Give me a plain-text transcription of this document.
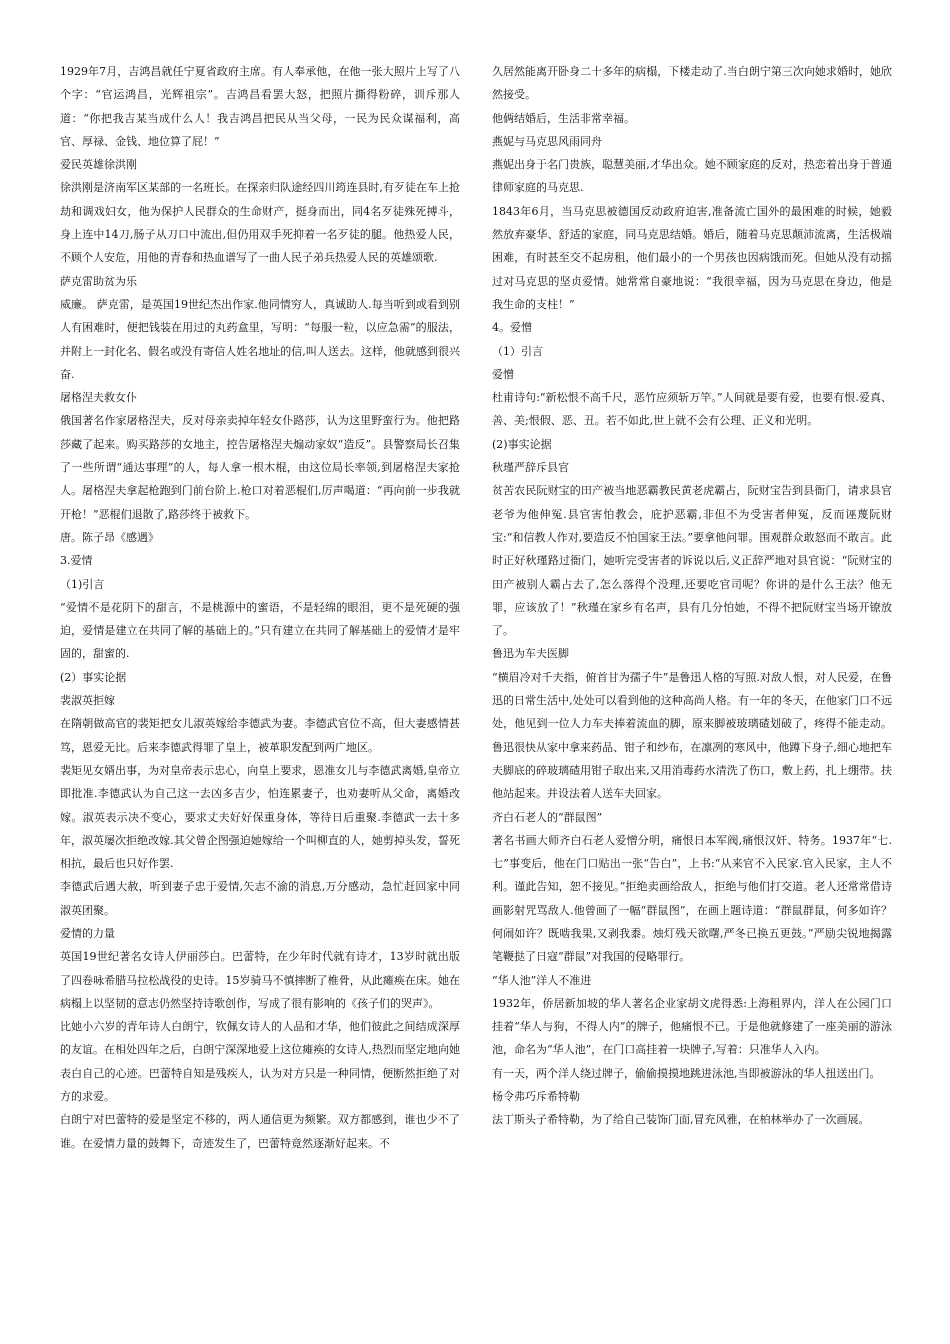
1929年7月，吉鸿昌就任宁夏省政府主席。有人奉承他，在他一张大照片上写了八个字：“官运鸿昌，光辉祖宗”。吉鸿昌看罢大怒，把照片撕得粉碎，训斥那人道：“你把我吉某当成什么人！我吉鸿昌把民从当父母，一民为民众谋福利，高官、厚禄、金钱、地位算了屁！”

爱民英雄徐洪刚

徐洪刚是济南军区某部的一名班长。在探亲归队途经四川筠连县时,有歹徒在车上抢劫和调戏妇女，他为保护人民群众的生命财产，挺身而出，同4名歹徒殊死搏斗，身上连中14刀,肠子从刀口中流出,但仍用双手死抑着一名歹徒的腿。他热爱人民，不顾个人安危，用他的青春和热血谱写了一曲人民子弟兵热爱人民的英雄颂歌.

萨克雷助贫为乐

威廉。 萨克雷，是英国19世纪杰出作家.他同情穷人，真诚助人.每当听到或看到别人有困难时，便把钱装在用过的丸药盒里，写明：“每服一粒，以应急需”的服法，并附上一封化名、假名或没有寄信人姓名地址的信,叫人送去。这样，他就感到很兴奋.

屠格涅夫救女仆

俄国著名作家屠格涅夫，反对母亲卖掉年轻女仆路莎，认为这里野蛮行为。他把路莎藏了起来。购买路莎的女地主，控告屠格涅夫煽动家奴“造反”。县警察局长召集了一些所谓“通达事理”的人，每人拿一根木棍，由这位局长率领,到屠格涅夫家抢人。屠格涅夫拿起枪跑到门前台阶上.枪口对着恶棍们,厉声喝道：“再向前一步我就开枪！”恶棍们退散了,路莎终于被救下。

唐。陈子昂《感遇》

3.爱情

（1)引言

“爱情不是花阴下的甜言，不是桃源中的蜜语，不是轻绵的眼泪，更不是死硬的强迫，爱情是建立在共同了解的基础上的。”只有建立在共同了解基础上的爱情才是牢固的，甜蜜的.

(2）事实论据

裴淑英拒嫁

在隋朝做高官的裴矩把女儿淑英嫁给李德武为妻。李德武官位不高，但大妻感情甚笃，恩爱无比。后来李德武得罪了皇上，被革职发配到两广地区。

裴矩见女婿出事，为对皇帝表示忠心，向皇上要求，恩准女儿与李德武离婚,皇帝立即批准.李德武认为自己这一去凶多吉少，怕连累妻子，也劝妻听从父命，离婚改嫁。淑英表示决不变心，要求丈夫好好保重身体，等待日后重聚.李德武一去十多年，淑英屡次拒绝改嫁.其父曾企图强迫她嫁给一个叫柳直的人，她剪掉头发，誓死相抗，最后也只好作罢.

李德武后遇大赦，听到妻子忠于爱情,矢志不渝的消息,万分感动，急忙赶回家中同淑英团聚。

爱情的力量

英国19世纪著名女诗人伊丽莎白。巴蕾特，在少年时代就有诗才，13岁时就出版了四卷咏希腊马拉松战役的史诗。15岁骑马不慎摔断了椎骨，从此瘫痪在床。她在病榻上以坚韧的意志仍然坚持诗歌创作，写成了很有影响的《孩子们的哭声》。

比她小六岁的青年诗人白朗宁，钦佩女诗人的人品和才华，他们彼此之间结成深厚的友谊。在相处四年之后，白朗宁深深地爱上这位瘫痪的女诗人,热烈而坚定地向她表白自己的心迹。巴蕾特自知是残疾人，认为对方只是一种同情，便断然拒绝了对方的求爱。

白朗宁对巴蕾特的爱是坚定不移的，两人通信更为频繁。双方都感到，谁也少不了谁。在爱情力量的鼓舞下，奇迹发生了，巴蕾特竟然逐渐好起来。不

久居然能离开卧身二十多年的病榻，下楼走动了.当白朗宁第三次向她求婚时，她欣然接受。

他俩结婚后，生活非常幸福。

燕妮与马克思风雨同舟

燕妮出身于名门贵族，聪慧美丽,才华出众。她不顾家庭的反对，热恋着出身于普通律师家庭的马克思.

1843年6月，当马克思被德国反动政府迫害,准备流亡国外的最困难的时候，她毅然放弃豪华、舒适的家庭，同马克思结婚。婚后，随着马克思颠沛流离，生活极端困难，有时甚至交不起房租，他们最小的一个男孩也因病饿而死。但她从没有动摇过对马克思的坚贞爱情。她常常自豪地说：“我很幸福，因为马克思在身边，他是我生命的支柱！”

4。爱憎

（1）引言

爱憎

杜甫诗句:“新松恨不高千尺，恶竹应须斩万竿。”人间就是要有爱，也要有恨.爱真、善、美;恨假、恶、丑。若不如此,世上就不会有公理、正义和光明。

(2)事实论据

秋瑾严辞斥县官

贫苦农民阮财宝的田产被当地恶霸教民黄老虎霸占，阮财宝告到县衙门，请求县官老爷为他伸冤.县官害怕教会，庇护恶霸,非但不为受害者伸冤，反而诬蔑阮财宝:“和信教人作对,要造反不怕国家王法。”要拿他问罪。围观群众敢怒而不敢言。此时正好秋瑾路过衙门，她听完受害者的诉说以后,义正辞严地对县官说：“阮财宝的田产被别人霸占去了,怎么落得个没理,还要吃官司呢？你讲的是什么王法？他无罪，应该放了！”秋瑾在家乡有名声，县有几分怕她，不得不把阮财宝当场开镣放了。

鲁迅为车夫医脚

“横眉冷对千夫指，俯首甘为孺子牛”是鲁迅人格的写照.对敌人恨，对人民爱，在鲁迅的日常生活中,处处可以看到他的这种高尚人格。有一年的冬天，在他家门口不远处，他见到一位人力车夫捧着流血的脚，原来脚被玻璃碴划破了，疼得不能走动。鲁迅很快从家中拿来药品、钳子和纱布，在凛冽的寒风中，他蹲下身子,细心地把车夫脚底的碎玻璃碴用钳子取出来,又用消毒药水清洗了伤口，敷上药，扎上绷带。扶他站起来。并设法着人送车夫回家。

齐白石老人的“群鼠图”

著名书画大师齐白石老人爱憎分明，痛恨日本军阀,痛恨汉奸、特务。1937年“七.七”事变后，他在门口贴出一张“告白”，上书:“从来官不入民家.官入民家，主人不利。谨此告知，恕不接见。”拒绝卖画给敌人，拒绝与他们打交道。老人还常常借诗画影射咒骂敌人.他曾画了一幅“群鼠图”，在画上题诗道：“群鼠群鼠，何多如许？何闹如许？既啮我果,又剥我黍。烛灯残天欲曙,严冬已换五更鼓。”严励尖锐地揭露笔鞭挞了日寇“群鼠”对我国的侵略罪行。

“华人池”洋人不准进

1932年，侨居新加坡的华人著名企业家胡文虎得悉:上海租界内，洋人在公园门口挂着“华人与狗，不得人内”的牌子，他痛恨不已。于是他就修建了一座美丽的游泳池，命名为“华人池”，在门口高挂着一块牌子,写着：只准华人入内。

有一天，两个洋人绕过牌子，偷偷摸摸地跳进泳池,当即被游泳的华人扭送出门。

杨令弗巧斥希特勒

法丁斯头子希特勒，为了给自己装饰门面,冒充风雅，在柏林举办了一次画展。
